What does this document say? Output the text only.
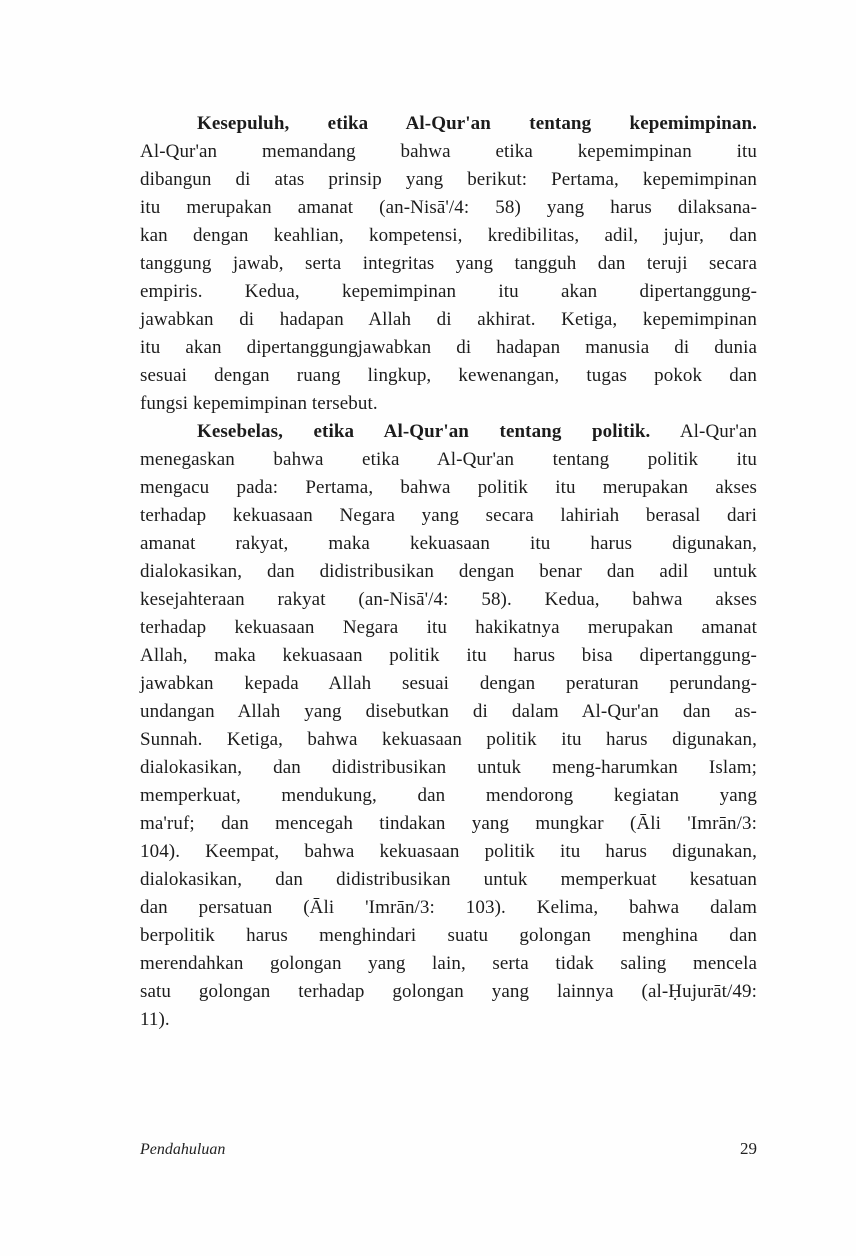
Kesepuluh, etika Al-Qur'an tentang kepemimpinan.
Al-Qur'an memandang bahwa etika kepemimpinan itu
dibangun di atas prinsip yang berikut: Pertama, kepemimpinan
itu merupakan amanat (an-Nisā'/4: 58) yang harus dilaksana-
kan dengan keahlian, kompetensi, kredibilitas, adil, jujur, dan
tanggung jawab, serta integritas yang tangguh dan teruji secara
empiris. Kedua, kepemimpinan itu akan dipertanggung-
jawabkan di hadapan Allah di akhirat. Ketiga, kepemimpinan
itu akan dipertanggungjawabkan di hadapan manusia di dunia
sesuai dengan ruang lingkup, kewenangan, tugas pokok dan
fungsi kepemimpinan tersebut.
Kesebelas, etika Al-Qur'an tentang politik. Al-Qur'an
menegaskan bahwa etika Al-Qur'an tentang politik itu
mengacu pada: Pertama, bahwa politik itu merupakan akses
terhadap kekuasaan Negara yang secara lahiriah berasal dari
amanat rakyat, maka kekuasaan itu harus digunakan,
dialokasikan, dan didistribusikan dengan benar dan adil untuk
kesejahteraan rakyat (an-Nisā'/4: 58). Kedua, bahwa akses
terhadap kekuasaan Negara itu hakikatnya merupakan amanat
Allah, maka kekuasaan politik itu harus bisa dipertanggung-
jawabkan kepada Allah sesuai dengan peraturan perundang-
undangan Allah yang disebutkan di dalam Al-Qur'an dan as-
Sunnah. Ketiga, bahwa kekuasaan politik itu harus digunakan,
dialokasikan, dan didistribusikan untuk meng-harumkan Islam;
memperkuat, mendukung, dan mendorong kegiatan yang
ma'ruf; dan mencegah tindakan yang mungkar (Āli 'Imrān/3:
104). Keempat, bahwa kekuasaan politik itu harus digunakan,
dialokasikan, dan didistribusikan untuk memperkuat kesatuan
dan persatuan (Āli 'Imrān/3: 103). Kelima, bahwa dalam
berpolitik harus menghindari suatu golongan menghina dan
merendahkan golongan yang lain, serta tidak saling mencela
satu golongan terhadap golongan yang lainnya (al-Ḥujurāt/49:
11).
Pendahuluan	29
